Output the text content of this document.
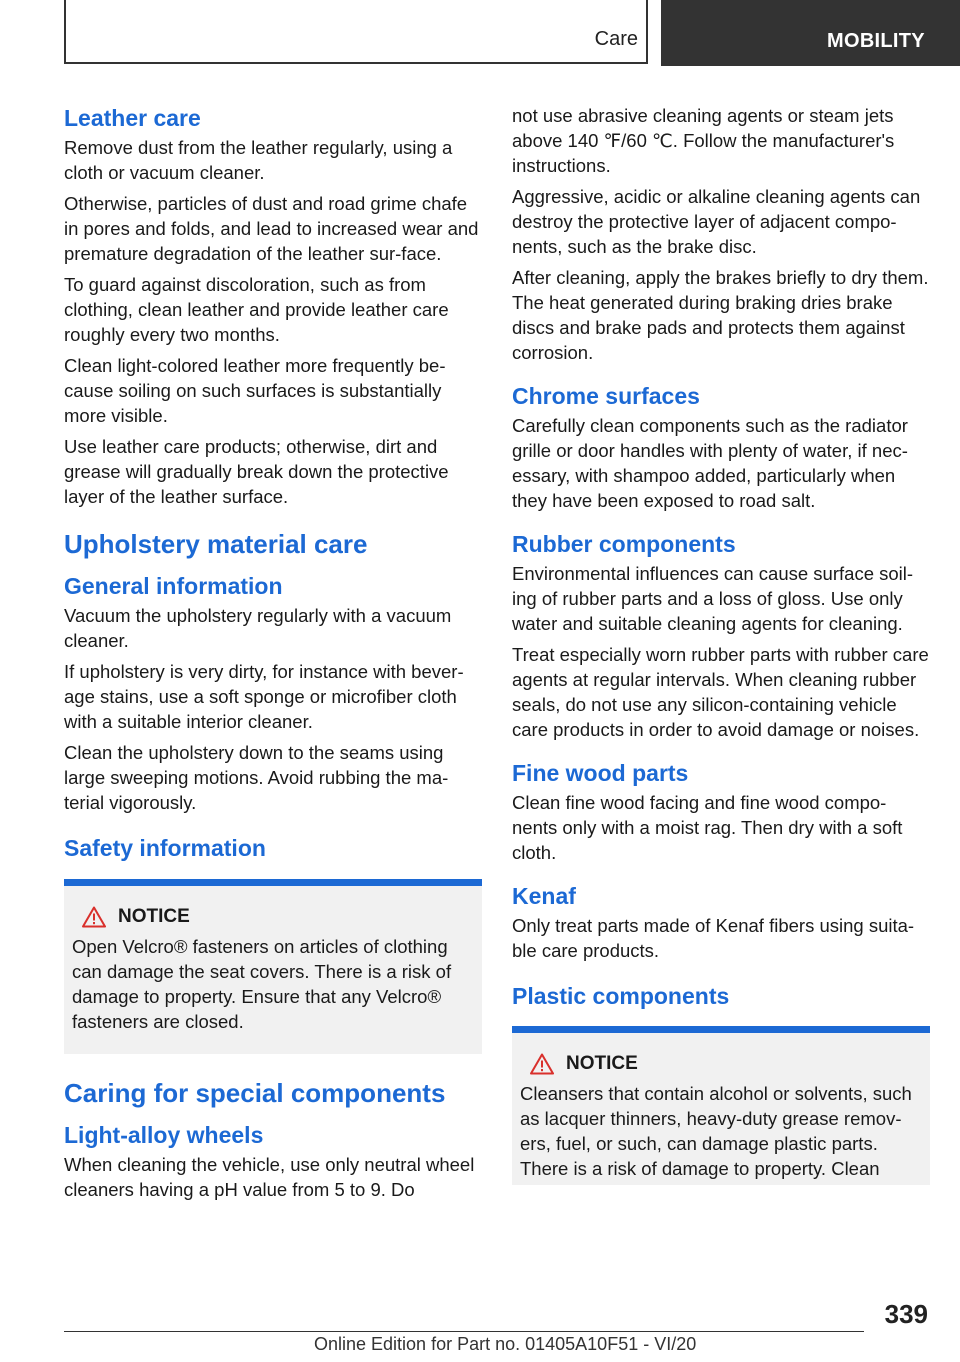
Care	MOBILITY
Leather care

Remove dust from the leather regularly, using a cloth or vacuum cleaner.

Otherwise, particles of dust and road grime chafe in pores and folds, and lead to increased wear and premature degradation of the leather sur‐face.

To guard against discoloration, such as from clothing, clean leather and provide leather care roughly every two months.

Clean light-colored leather more frequently be‐cause soiling on such surfaces is substantially more visible.

Use leather care products; otherwise, dirt and grease will gradually break down the protective layer of the leather surface.

Upholstery material care
General information

Vacuum the upholstery regularly with a vacuum cleaner.

If upholstery is very dirty, for instance with bever‐age stains, use a soft sponge or microfiber cloth with a suitable interior cleaner.

Clean the upholstery down to the seams using large sweeping motions. Avoid rubbing the ma‐terial vigorously.

Safety information
NOTICE

Open Velcro® fasteners on articles of clothing can damage the seat covers. There is a risk of damage to property. Ensure that any Velcro® fasteners are closed.

Caring for special components
Light-alloy wheels

When cleaning the vehicle, use only neutral wheel cleaners having a pH value from 5 to 9. Do

not use abrasive cleaning agents or steam jets above 140 ℉/60 ℃. Follow the manufacturer's instructions.

Aggressive, acidic or alkaline cleaning agents can destroy the protective layer of adjacent compo‐nents, such as the brake disc.

After cleaning, apply the brakes briefly to dry them. The heat generated during braking dries brake discs and brake pads and protects them against corrosion.

Chrome surfaces

Carefully clean components such as the radiator grille or door handles with plenty of water, if nec‐essary, with shampoo added, particularly when they have been exposed to road salt.

Rubber components

Environmental influences can cause surface soil‐ing of rubber parts and a loss of gloss. Use only water and suitable cleaning agents for cleaning.

Treat especially worn rubber parts with rubber care agents at regular intervals. When cleaning rubber seals, do not use any silicon-containing vehicle care products in order to avoid damage or noises.

Fine wood parts

Clean fine wood facing and fine wood compo‐nents only with a moist rag. Then dry with a soft cloth.

Kenaf

Only treat parts made of Kenaf fibers using suita‐ble care products.

Plastic components
NOTICE

Cleansers that contain alcohol or solvents, such as lacquer thinners, heavy-duty grease remov‐ers, fuel, or such, can damage plastic parts. There is a risk of damage to property. Clean

339
Online Edition for Part no. 01405A10F51 - VI/20
